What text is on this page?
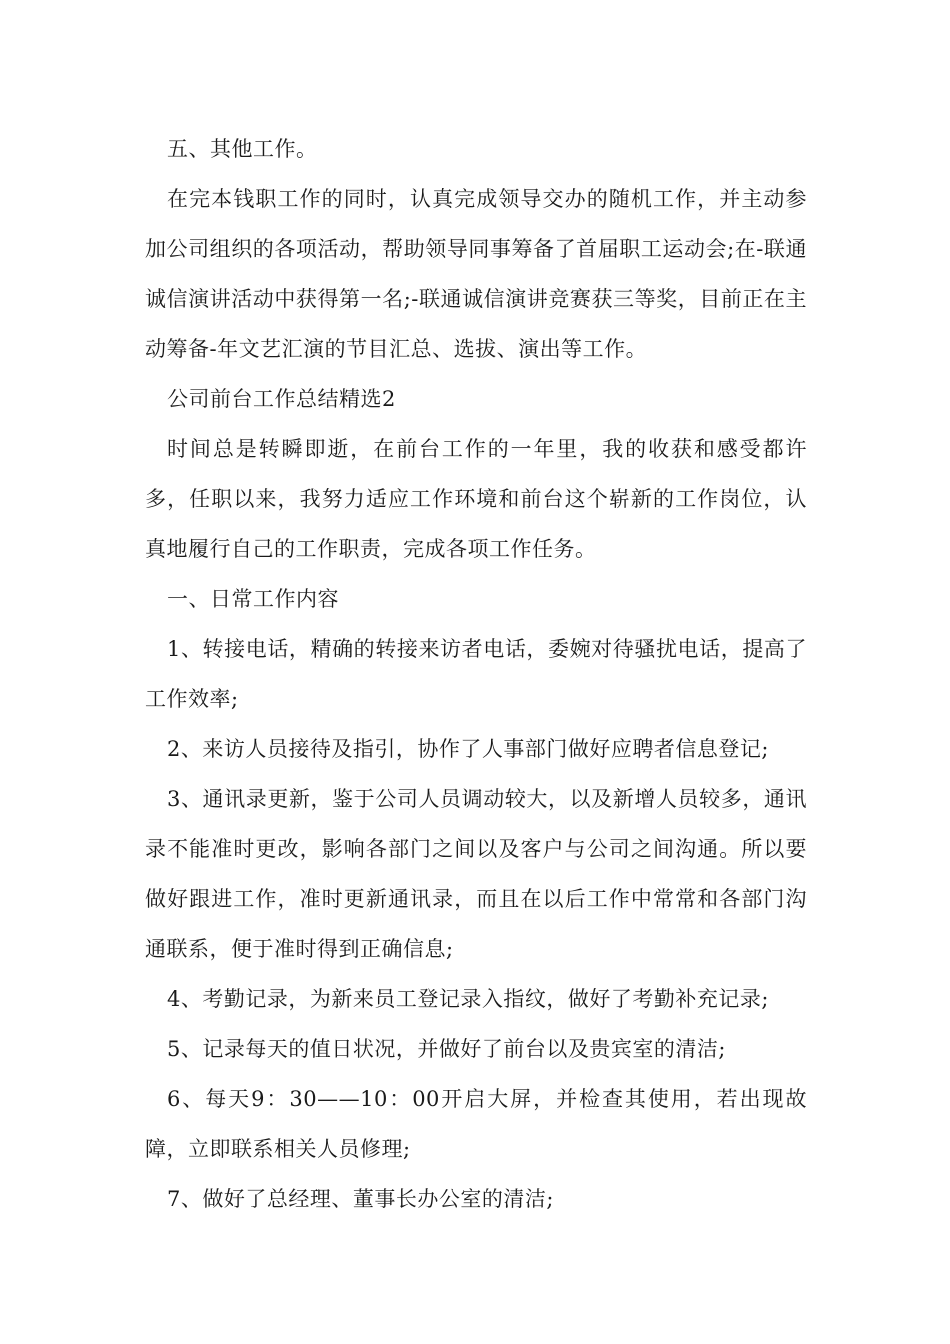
五、其他工作。

在完本钱职工作的同时，认真完成领导交办的随机工作，并主动参加公司组织的各项活动，帮助领导同事筹备了首届职工运动会;在-联通诚信演讲活动中获得第一名;-联通诚信演讲竞赛获三等奖，目前正在主动筹备-年文艺汇演的节目汇总、选拔、演出等工作。

公司前台工作总结精选2

时间总是转瞬即逝，在前台工作的一年里，我的收获和感受都许多，任职以来，我努力适应工作环境和前台这个崭新的工作岗位，认真地履行自己的工作职责，完成各项工作任务。

一、日常工作内容

1、转接电话，精确的转接来访者电话，委婉对待骚扰电话，提高了工作效率;

2、来访人员接待及指引，协作了人事部门做好应聘者信息登记;

3、通讯录更新，鉴于公司人员调动较大，以及新增人员较多，通讯录不能准时更改，影响各部门之间以及客户与公司之间沟通。所以要做好跟进工作，准时更新通讯录，而且在以后工作中常常和各部门沟通联系，便于准时得到正确信息;

4、考勤记录，为新来员工登记录入指纹，做好了考勤补充记录;

5、记录每天的值日状况，并做好了前台以及贵宾室的清洁;

6、每天9：30——10：00开启大屏，并检查其使用，若出现故障，立即联系相关人员修理;

7、做好了总经理、董事长办公室的清洁;
